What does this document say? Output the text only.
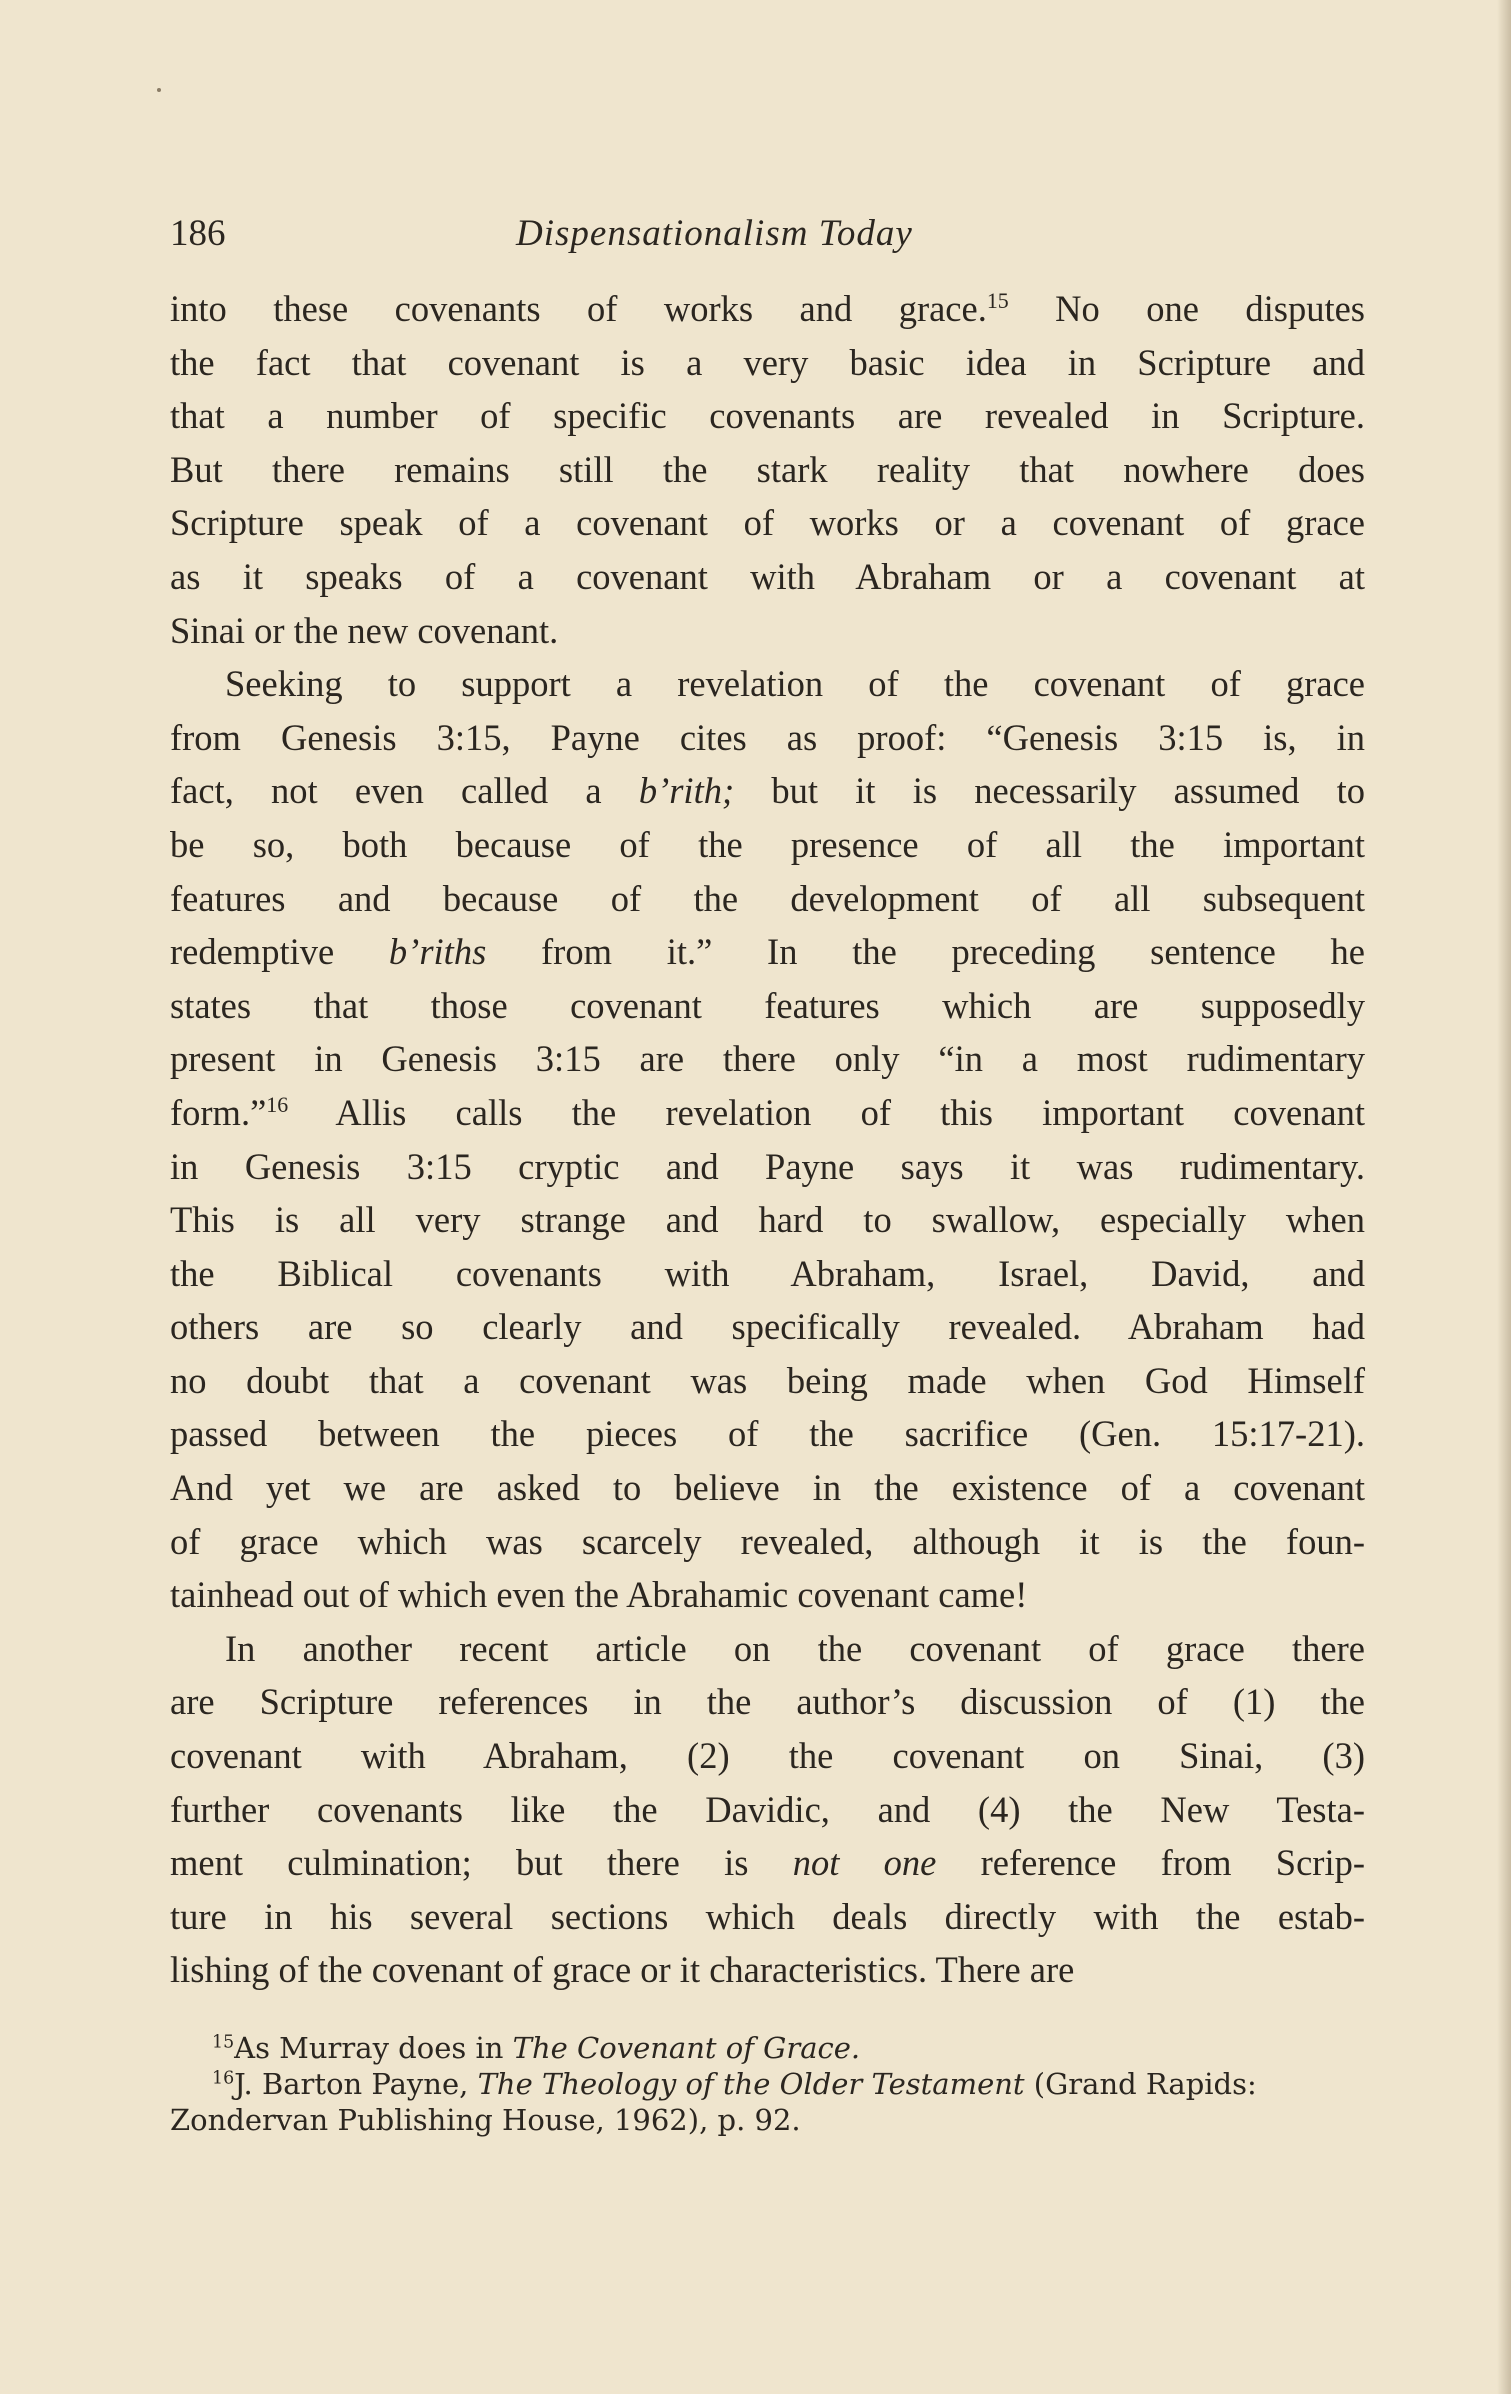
186	Dispensationalism Today

into these covenants of works and grace.$^{15}$ No one disputes
the fact that covenant is a very basic idea in Scripture and
that a number of specific covenants are revealed in Scripture.
But there remains still the stark reality that nowhere does
Scripture speak of a covenant of works or a covenant of grace
as it speaks of a covenant with Abraham or a covenant at
Sinai or the new covenant.

Seeking to support a revelation of the covenant of grace
from Genesis 3:15, Payne cites as proof: “Genesis 3:15 is, in
fact, not even called a b’rith; but it is necessarily assumed to
be so, both because of the presence of all the important
features and because of the development of all subsequent
redemptive b’riths from it.” In the preceding sentence he
states that those covenant features which are supposedly
present in Genesis 3:15 are there only “in a most rudimentary
form.”$^{16}$ Allis calls the revelation of this important covenant
in Genesis 3:15 cryptic and Payne says it was rudimentary.
This is all very strange and hard to swallow, especially when
the Biblical covenants with Abraham, Israel, David, and
others are so clearly and specifically revealed. Abraham had
no doubt that a covenant was being made when God Himself
passed between the pieces of the sacrifice (Gen. 15:17-21).
And yet we are asked to believe in the existence of a covenant
of grace which was scarcely revealed, although it is the foun-
tainhead out of which even the Abrahamic covenant came!

In another recent article on the covenant of grace there
are Scripture references in the author’s discussion of (1) the
covenant with Abraham, (2) the covenant on Sinai, (3)
further covenants like the Davidic, and (4) the New Testa-
ment culmination; but there is not one reference from Scrip-
ture in his several sections which deals directly with the estab-
lishing of the covenant of grace or it characteristics. There are

$^{15}$As Murray does in The Covenant of Grace.
$^{16}$J. Barton Payne, The Theology of the Older Testament (Grand Rapids:
Zondervan Publishing House, 1962), p. 92.
